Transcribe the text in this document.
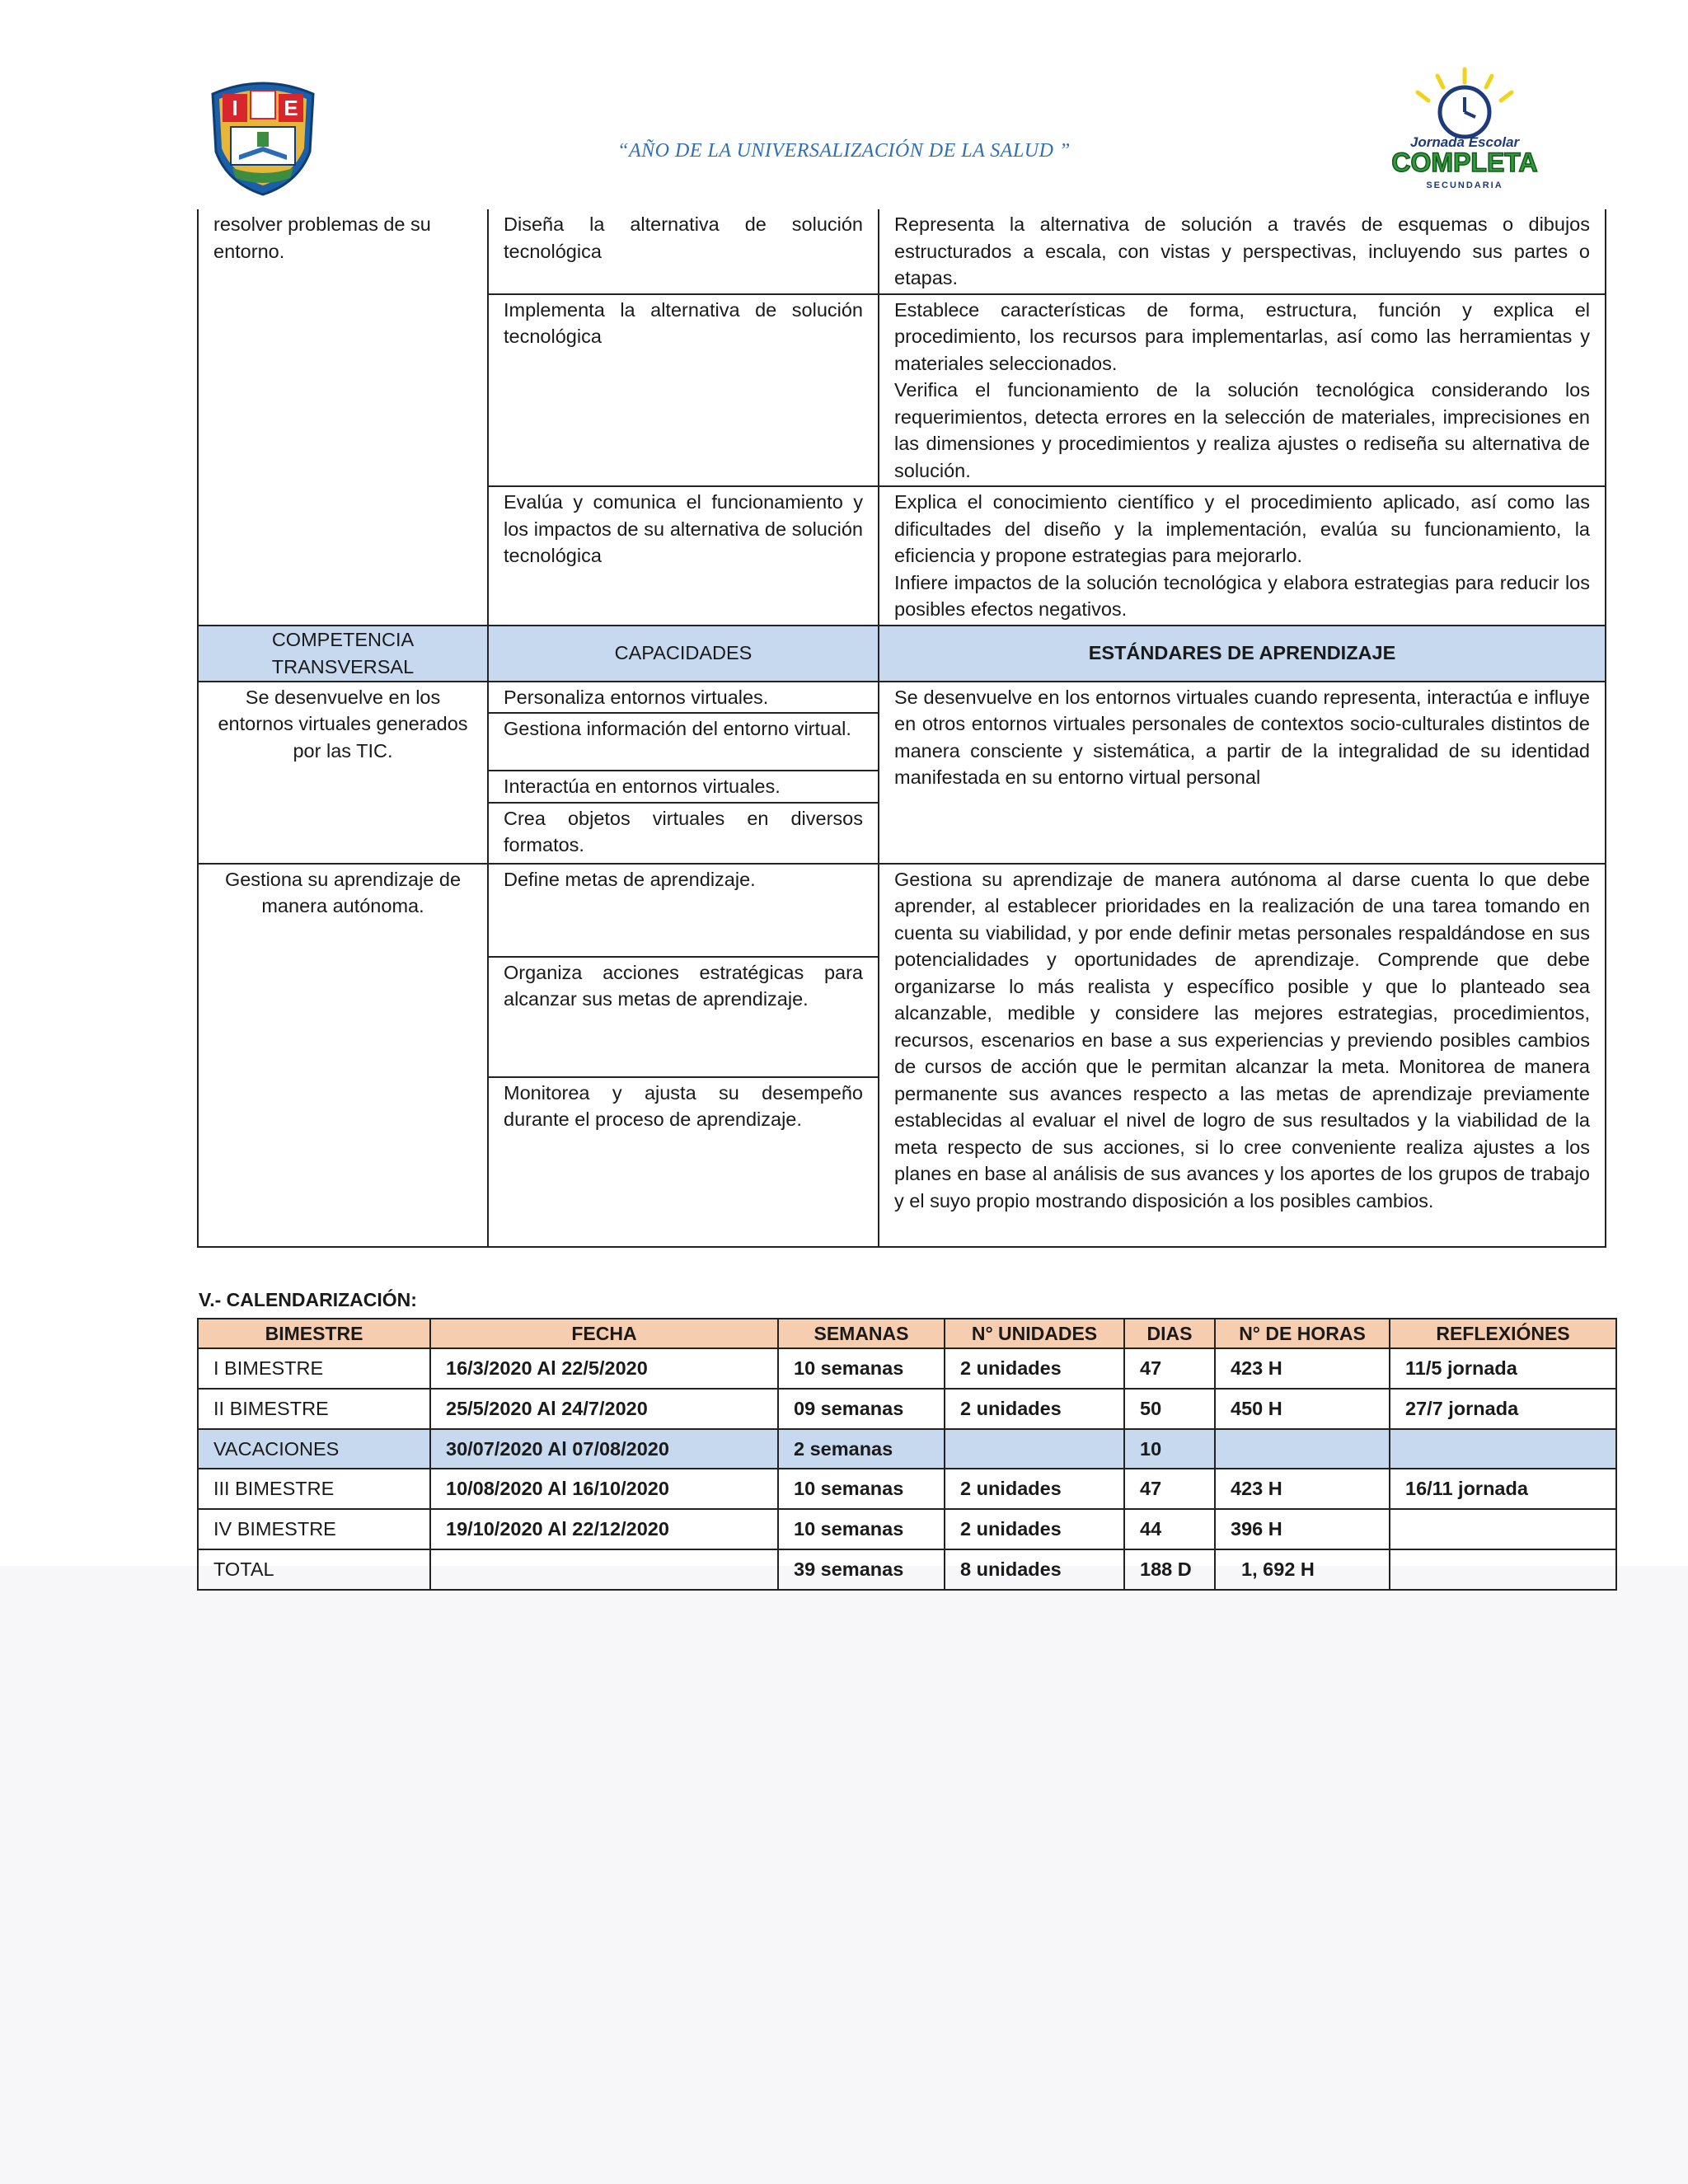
I E
Jornada Escolar
COMPLETA
SECUNDARIA
“AÑO DE LA UNIVERSALIZACIÓN DE LA SALUD ”
resolver problemas de su entorno.	Diseña la alternativa de solución tecnológica	Representa la alternativa de solución a través de esquemas o dibujos estructurados a escala, con vistas y perspectivas, incluyendo sus partes o etapas.

	Implementa la alternativa de solución tecnológica	Establece características de forma, estructura, función y explica el procedimiento, los recursos para implementarlas, así como las herramientas y materiales seleccionados.

Verifica el funcionamiento de la solución tecnológica considerando los requerimientos, detecta errores en la selección de materiales, imprecisiones en las dimensiones y procedimientos y realiza ajustes o rediseña su alternativa de solución.

	Evalúa y comunica el funcionamiento y los impactos de su alternativa de solución tecnológica	Explica el conocimiento científico y el procedimiento aplicado, así como las dificultades del diseño y la implementación, evalúa su funcionamiento, la eficiencia y propone estrategias para mejorarlo.

Infiere impactos de la solución tecnológica y elabora estrategias para reducir los posibles efectos negativos.

COMPETENCIA TRANSVERSAL	CAPACIDADES	ESTÁNDARES DE APRENDIZAJE
Se desenvuelve en los entornos virtuales generados por las TIC.	Personaliza entornos virtuales.	Se desenvuelve en los entornos virtuales cuando representa, interactúa e influye en otros entornos virtuales personales de contextos socio-culturales distintos de manera consciente y sistemática, a partir de la integralidad de su identidad manifestada en su entorno virtual personal
	Gestiona información del entorno virtual.	
	Interactúa en entornos virtuales.	
	Crea objetos virtuales en diversos formatos.	
Gestiona su aprendizaje de manera autónoma.	Define metas de aprendizaje.	Gestiona su aprendizaje de manera autónoma al darse cuenta lo que debe aprender, al establecer prioridades en la realización de una tarea tomando en cuenta su viabilidad, y por ende definir metas personales respaldándose en sus potencialidades y oportunidades de aprendizaje. Comprende que debe organizarse lo más realista y específico posible y que lo planteado sea alcanzable, medible y considere las mejores estrategias, procedimientos, recursos, escenarios en base a sus experiencias y previendo posibles cambios de cursos de acción que le permitan alcanzar la meta. Monitorea de manera permanente sus avances respecto a las metas de aprendizaje previamente establecidas al evaluar el nivel de logro de sus resultados y la viabilidad de la meta respecto de sus acciones, si lo cree conveniente realiza ajustes a los planes en base al análisis de sus avances y los aportes de los grupos de trabajo y el suyo propio mostrando disposición a los posibles cambios.
	Organiza acciones estratégicas para alcanzar sus metas de aprendizaje.	
	Monitorea y ajusta su desempeño durante el proceso de aprendizaje.	
V.- CALENDARIZACIÓN:
BIMESTRE	FECHA	SEMANAS	N° UNIDADES	DIAS	N° DE HORAS	REFLEXIÓNES
I BIMESTRE	16/3/2020 Al 22/5/2020	10 semanas	2 unidades	47	423 H	11/5 jornada
II BIMESTRE	25/5/2020 Al 24/7/2020	09 semanas	2 unidades	50	450 H	27/7 jornada
VACACIONES	30/07/2020 Al 07/08/2020	2 semanas		10		
III BIMESTRE	10/08/2020 Al 16/10/2020	10 semanas	2 unidades	47	423 H	16/11 jornada
IV BIMESTRE	19/10/2020 Al 22/12/2020	10 semanas	2 unidades	44	396 H	
TOTAL		39 semanas	8 unidades	188 D	1, 692 H	
